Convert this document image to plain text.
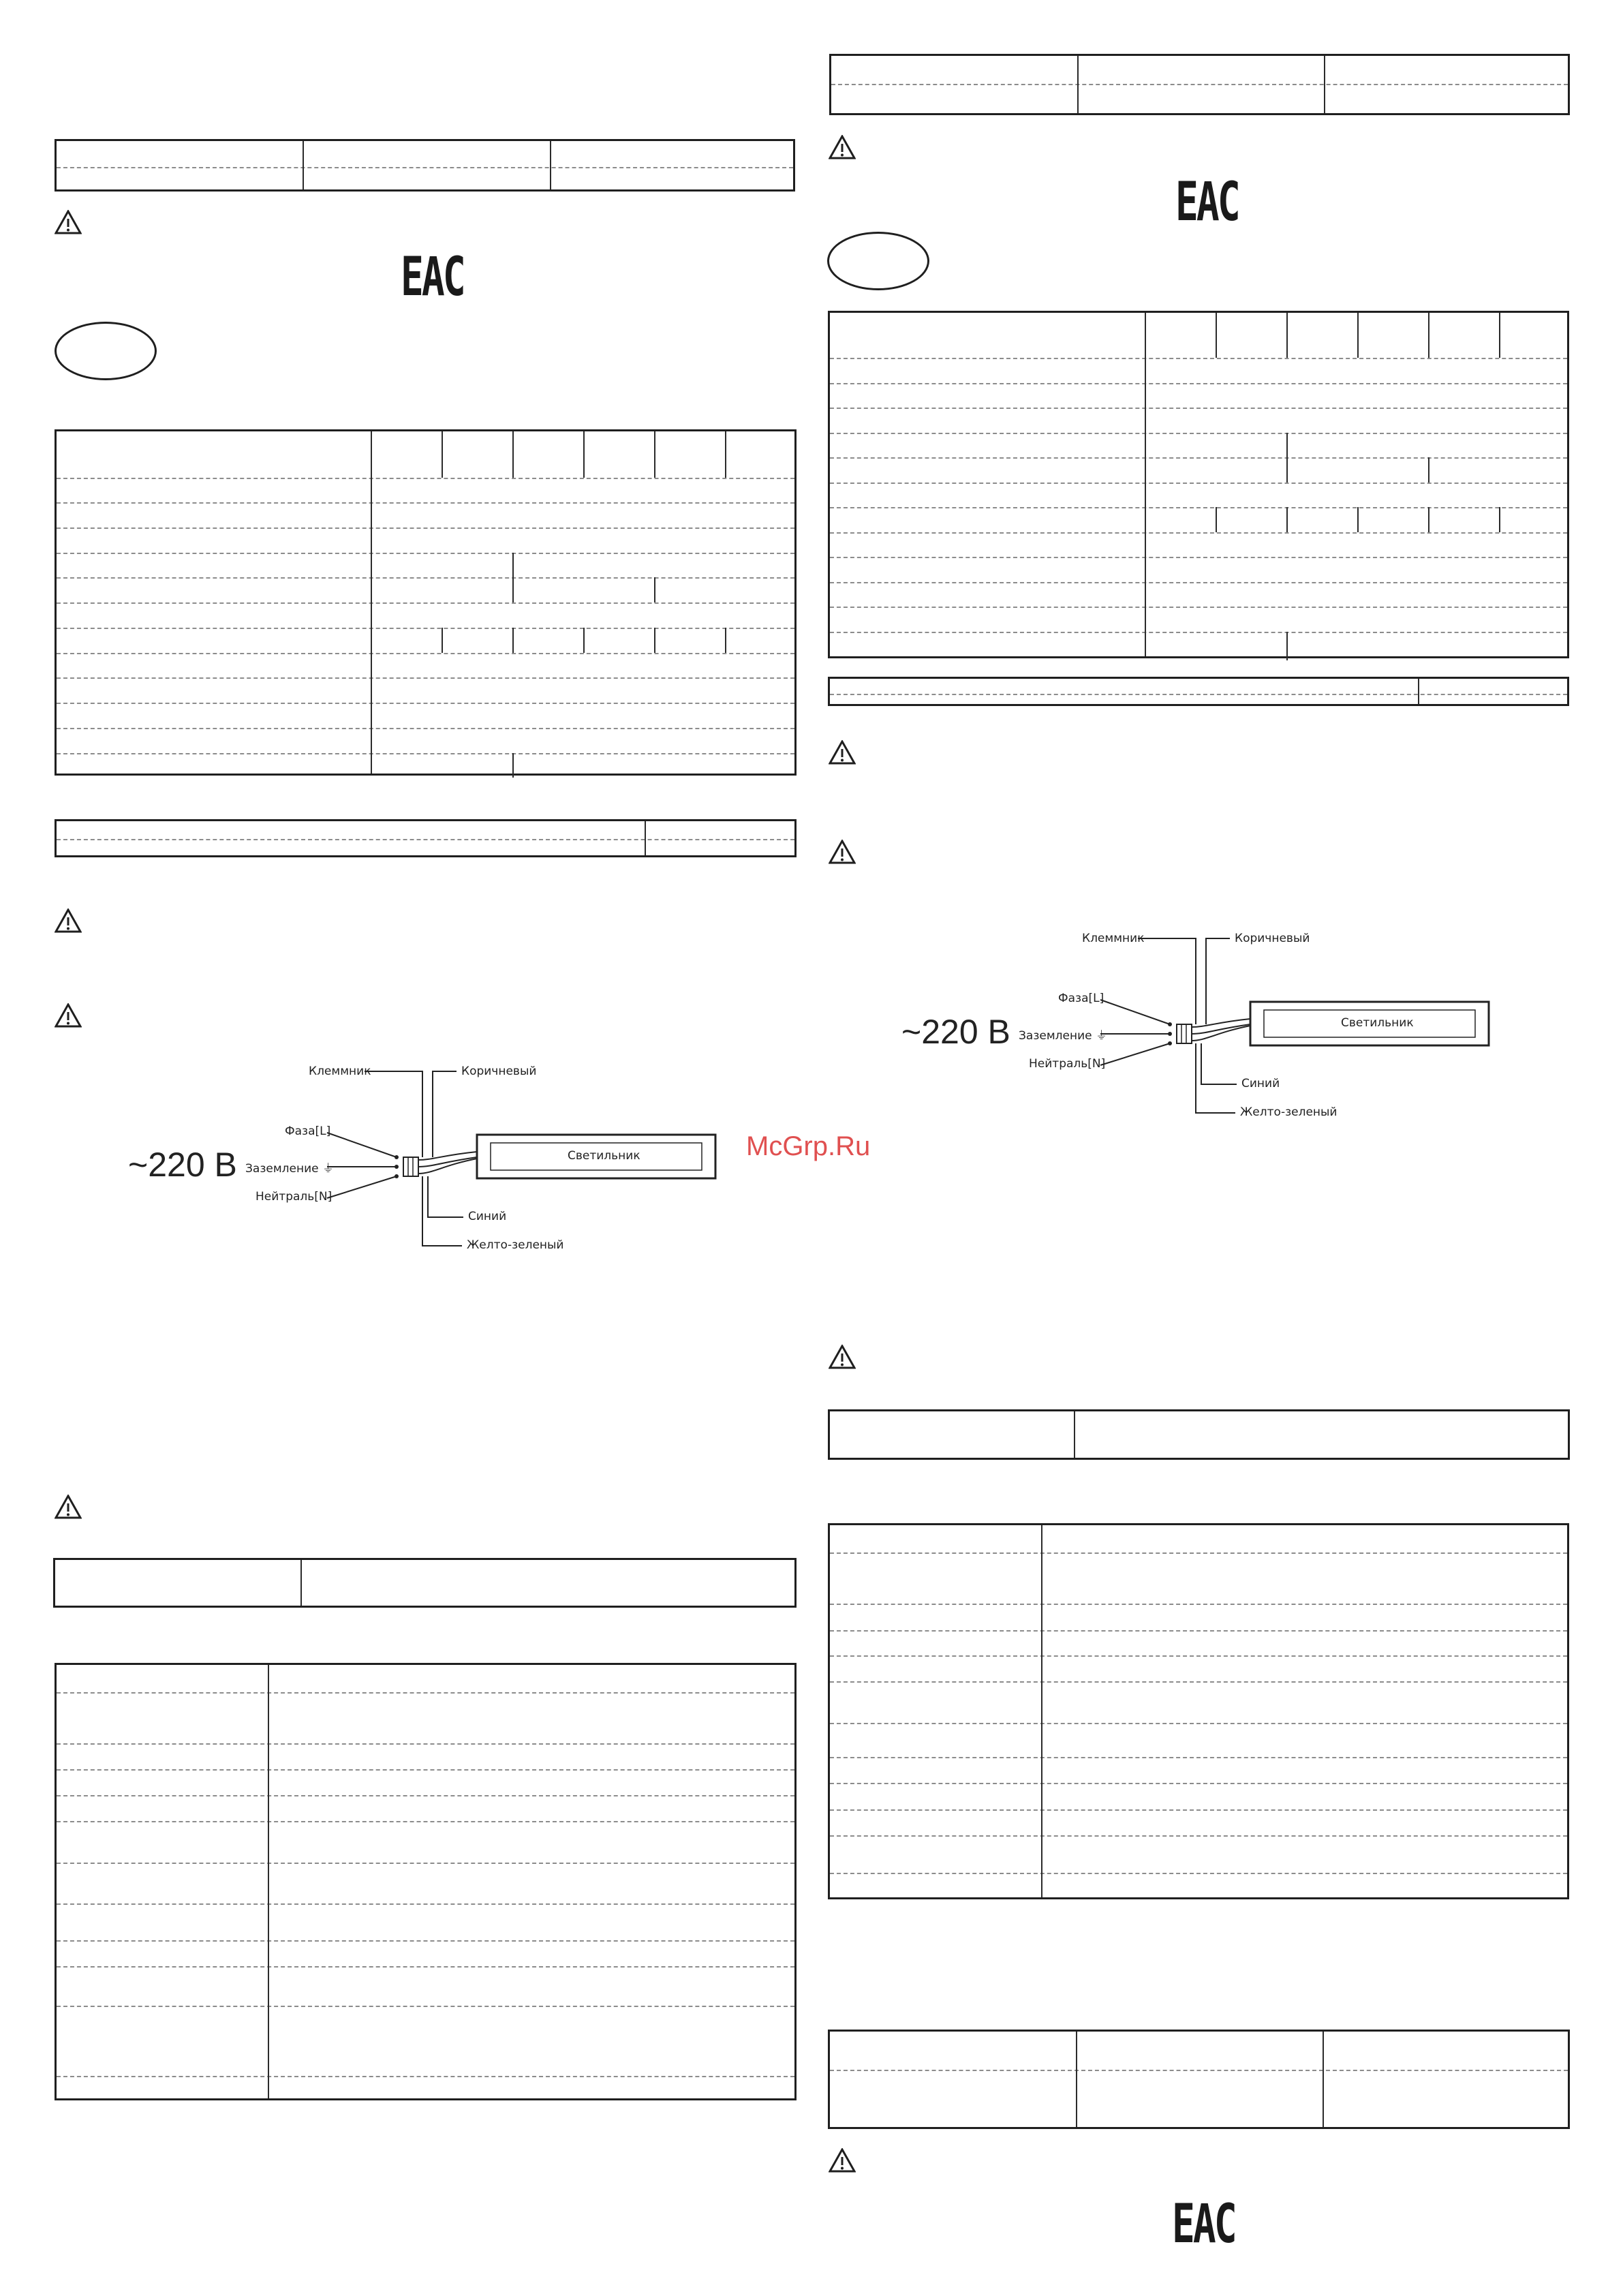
EAC
Клеммник	Коричневый
Фаза[L]
Заземление ⏚
Нейтраль[N]
~220 В	Светильник
Синий
Желто-зеленый
EAC
Клеммник	Коричневый
Фаза[L]
Заземление ⏚
Нейтраль[N]
~220 В	Светильник
Синий
Желто-зеленый
McGrp.Ru
EAC
